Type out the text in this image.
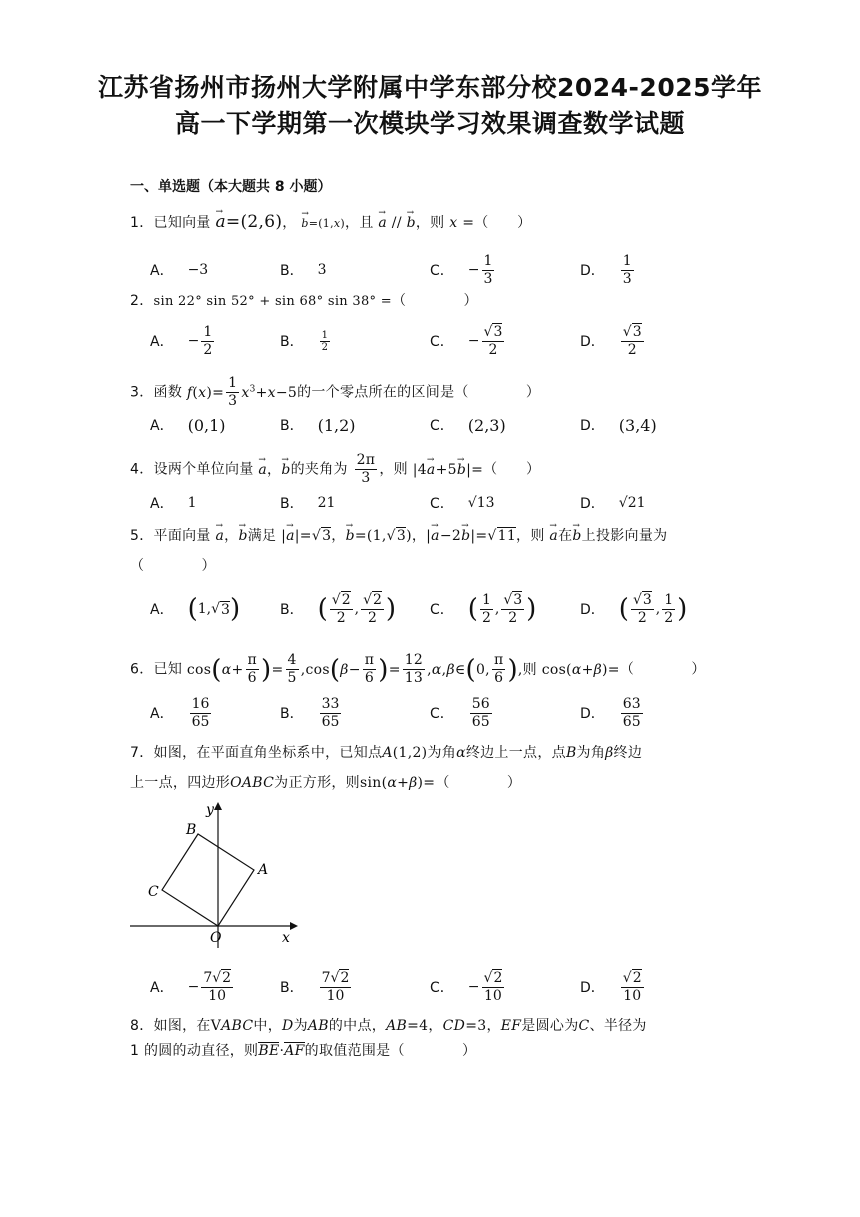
江苏省扬州市扬州大学附属中学东部分校2024-2025学年
高一下学期第一次模块学习效果调查数学试题
一、单选题（本大题共 8 小题）
1．已知向量 → a=(2,6)， → b=(1,x)，且 → a // → b，则 x =（　　）
A． −3	B． 3	C． − $\frac{1}{3}$	D． $\frac{1}{3}$
2．sin 22° sin 52° + sin 68° sin 38° =（　　　　）
A． − $\frac{1}{2}$	B． $\frac{1}{2}$	C． − $\frac{√3}{2}$	D． $\frac{√3}{2}$
3．函数 $f(x)= \frac{1}{3} x^3+x-5$的一个零点所在的区间是（　　　　）
A． (0,1)	B． (1,2)	C． (2,3)	D． (3,4)
4．设两个单位向量 → a，→ b的夹角为 $\frac{2\pi}{3}$ ，则 |4→ a+5→ b|=（　　）
A． 1	B． 21	C． √13	D． √21
5．平面向量 → a，→ b满足 |→ a|=√3，→ b=(1,√3)，|→ a−2→ b|=√11，则 → a在→ b上投影向量为
（　　　　）
A． ( 1,√ 3 )	B． ( $\frac{√2}{2}$ , $\frac{√2}{2}$ ) C． ( $\frac{1}{2}$ , $\frac{√3}{2}$ )	D． ( $\frac{√3}{2}$ , $\frac{1}{2}$ )
6．已知 $\cos(\alpha+ \frac{\pi}{6}$ )= $\frac{4}{5} ,\cos(\beta- \frac{\pi}{6}$ )= $\frac{12}{13}$ ,α,β∈(0, $\frac{\pi}{6}$ ),则 cos(α+β)=（　　　　）
A． $\frac{16}{65}$	B． $\frac{33}{65}$	C． $\frac{56}{65}$	D． $\frac{63}{65}$
7．如图，在平面直角坐标系中，已知点A(1,2)为角α终边上一点，点B为角β终边
上一点，四边形OABC为正方形，则sin(α+β)=（　　　　）
O
A
B
C
x
y
A． − $\frac{7√2}{10}$	B． $\frac{7√2}{10}$	C． − $\frac{√2}{10}$	D． $\frac{√2}{10}$
8．如图，在VABC中，D为AB的中点，AB=4，CD=3，EF是圆心为C、半径为
1 的圆的动直径，则BE·AF的取值范围是（　　　　）
